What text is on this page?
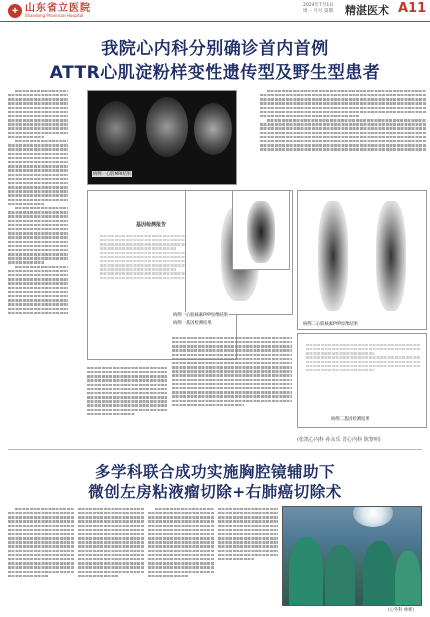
✚ 山东省立医院
Shandong Provincial Hospital
2024年7月1日
周一 月号 第期 精湛医术 A11
我院心内科分别确诊首内首例
ATTR心肌淀粉样变性遗传型及野生型患者
病例一心脏MRI结果
基因检测报告
病例一心肌核素PYP显像结果
病例一基因检测结果	病例二心肌核素PYP显像结果
病例二基因检测结果
(张凯心内科 孙永乐 晋心内科 陈黎明)
多学科联合成功实施胸腔镜辅助下
微创左房粘液瘤切除+右肺癌切除术
(心外科 林彬)
